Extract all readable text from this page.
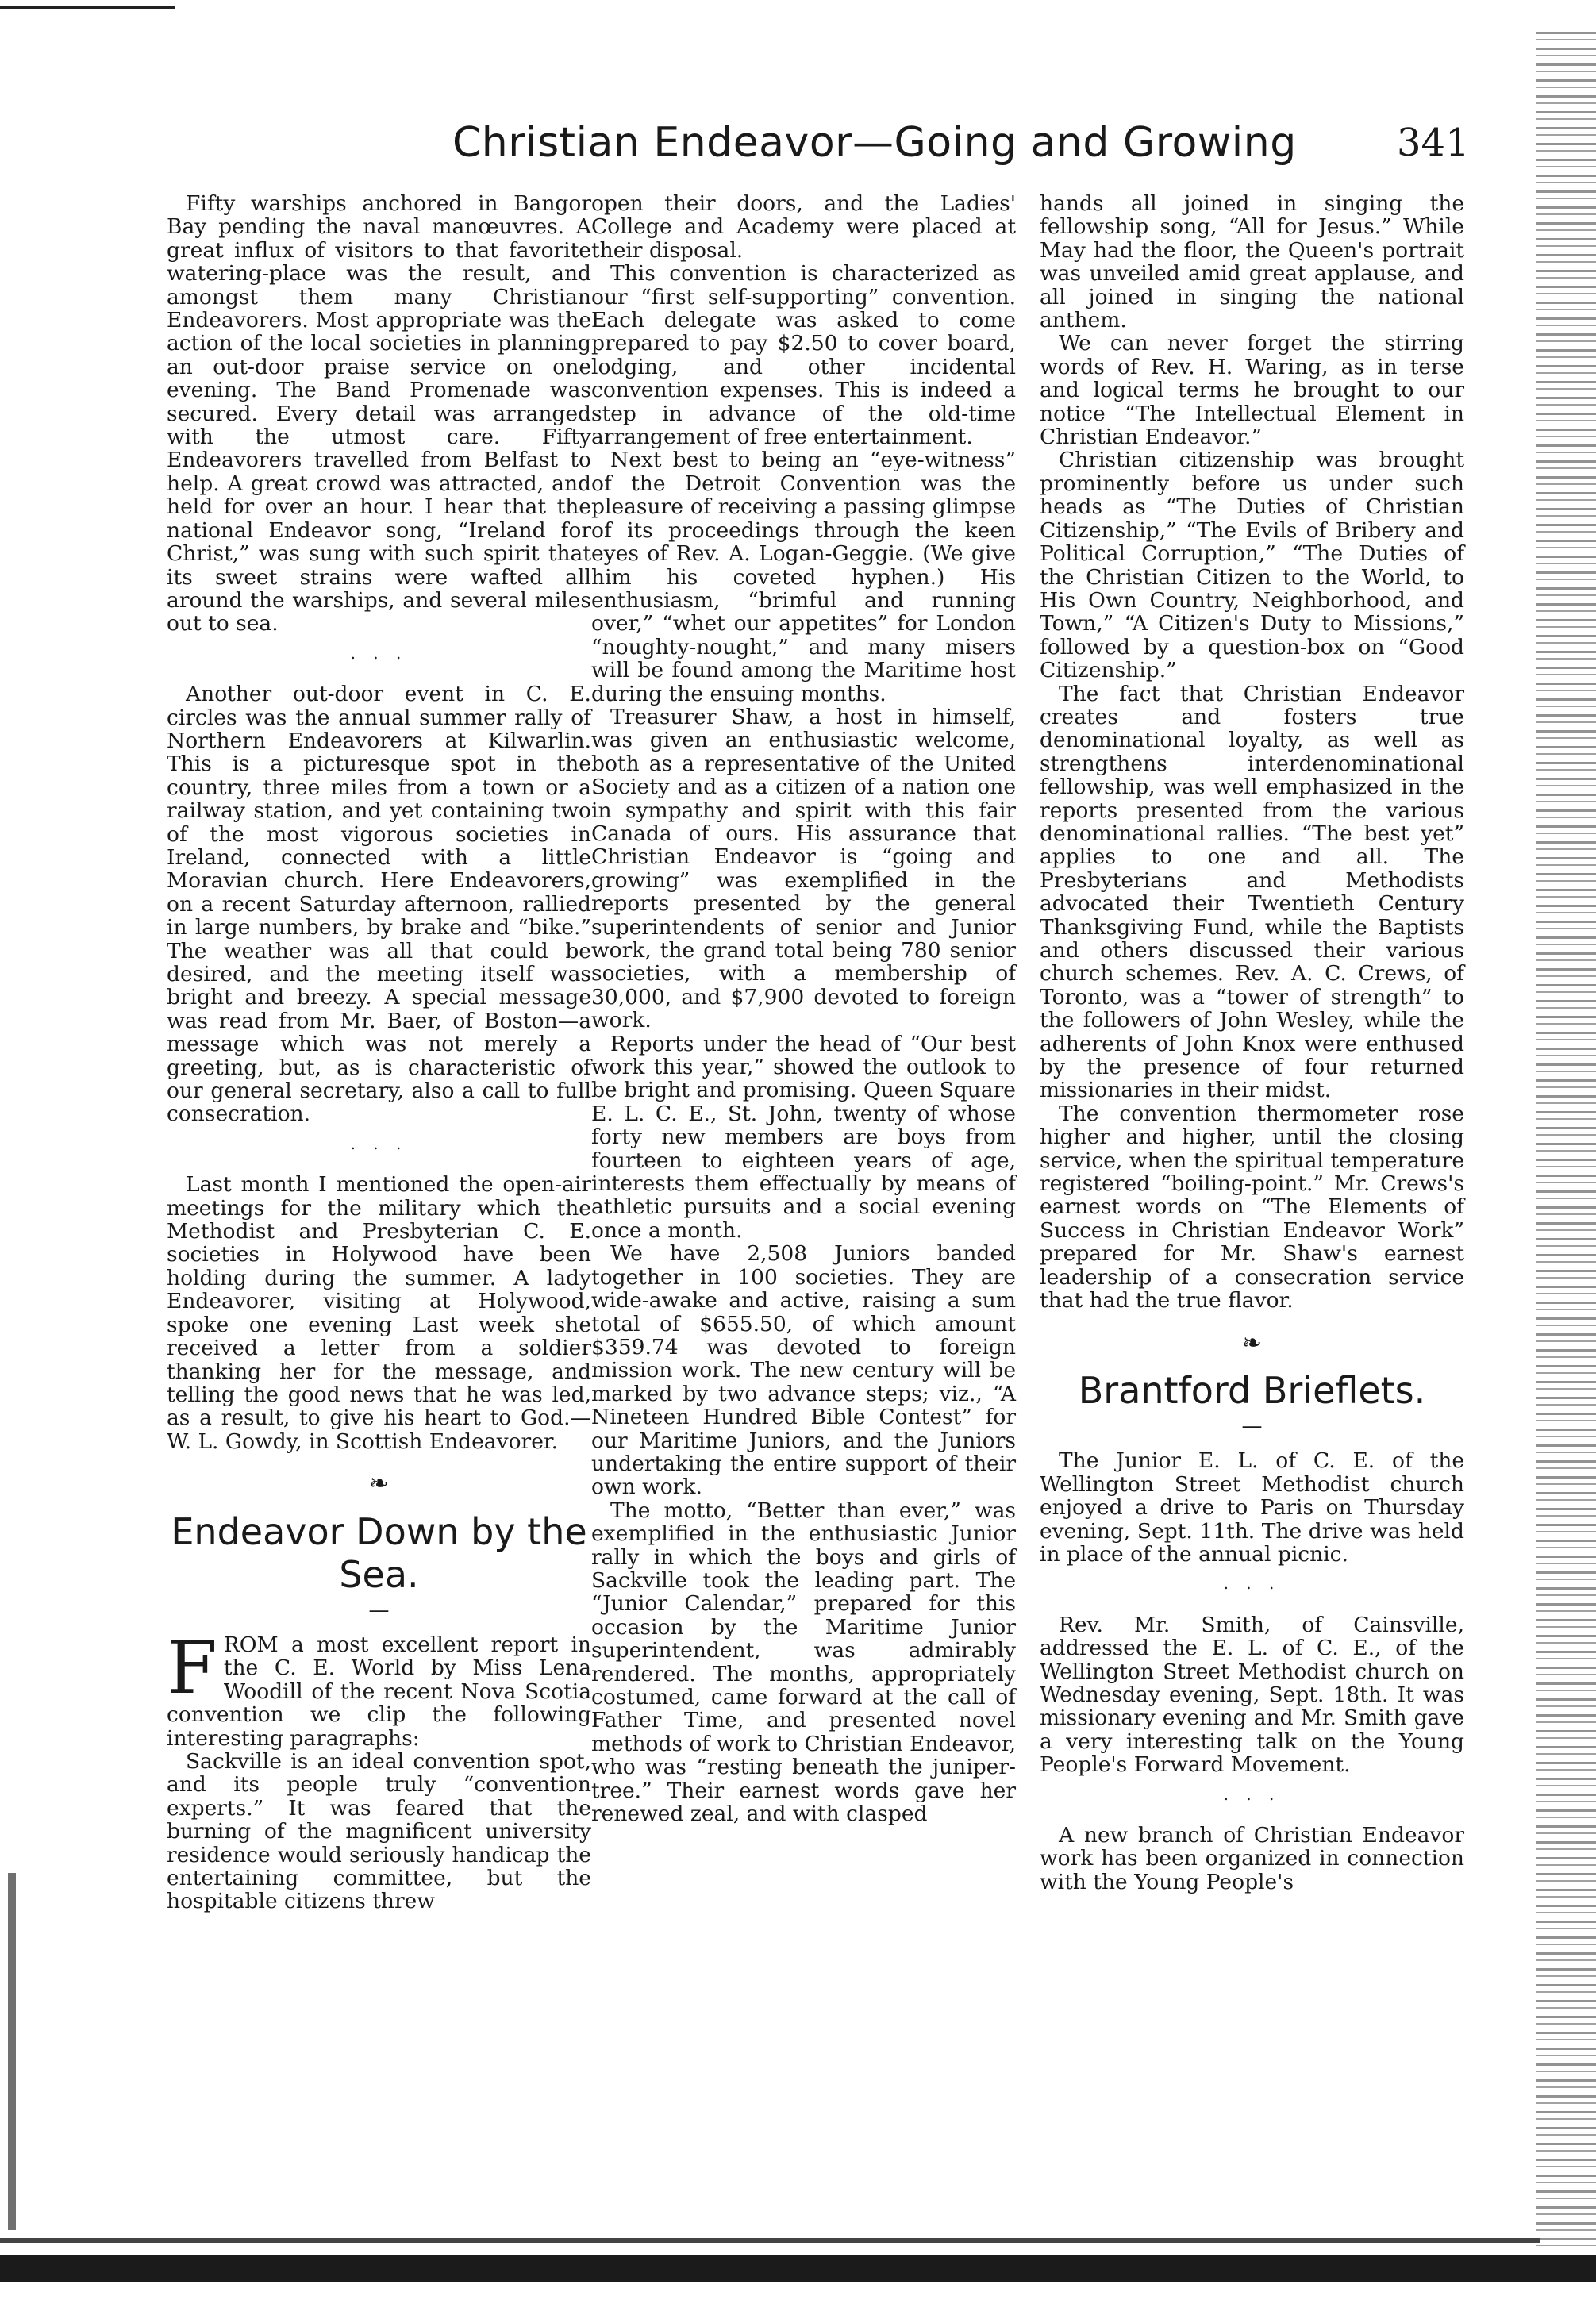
Christian Endeavor—Going and Growing	341

Fifty warships anchored in Bangor Bay pending the naval manœuvres. A great influx of visitors to that favorite watering-place was the result, and amongst them many Christian Endeavorers. Most appropriate was the action of the local societies in planning an out-door praise service on one evening. The Band Promenade was secured. Every detail was arranged with the utmost care. Fifty Endeavorers travelled from Belfast to help. A great crowd was attracted, and held for over an hour. I hear that the national Endeavor song, “Ireland for Christ,” was sung with such spirit that its sweet strains were wafted all around the warships, and several miles out to sea.

. . .

Another out-door event in C. E. circles was the annual summer rally of Northern Endeavorers at Kilwarlin. This is a picturesque spot in the country, three miles from a town or a railway station, and yet containing two of the most vigorous societies in Ireland, connected with a little Moravian church. Here Endeavorers, on a recent Saturday afternoon, rallied in large numbers, by brake and “bike.” The weather was all that could be desired, and the meeting itself was bright and breezy. A special message was read from Mr. Baer, of Boston—a message which was not merely a greeting, but, as is characteristic of our general secretary, also a call to full consecration.

. . .

Last month I mentioned the open-air meetings for the military which the Methodist and Presbyterian C. E. societies in Holywood have been holding during the summer. A lady Endeavorer, visiting at Holywood, spoke one evening Last week she received a letter from a soldier thanking her for the message, and telling the good news that he was led, as a result, to give his heart to God.—W. L. Gowdy, in Scottish Endeavorer.

❧
Endeavor Down by the Sea.
—

FROM a most excellent report in the C. E. World by Miss Lena Woodill of the recent Nova Scotia convention we clip the following interesting paragraphs:

Sackville is an ideal convention spot, and its people truly “convention experts.” It was feared that the burning of the magnificent university residence would seriously handicap the entertaining committee, but the hospitable citizens threw

open their doors, and the Ladies' College and Academy were placed at their disposal.

This convention is characterized as our “first self-supporting” convention. Each delegate was asked to come prepared to pay $2.50 to cover board, lodging, and other incidental convention expenses. This is indeed a step in advance of the old-time arrangement of free entertainment.

Next best to being an “eye-witness” of the Detroit Convention was the pleasure of receiving a passing glimpse of its proceedings through the keen eyes of Rev. A. Logan-Geggie. (We give him his coveted hyphen.) His enthusiasm, “brimful and running over,” “whet our appetites” for London “noughty-nought,” and many misers will be found among the Maritime host during the ensuing months.

Treasurer Shaw, a host in himself, was given an enthusiastic welcome, both as a representative of the United Society and as a citizen of a nation one in sympathy and spirit with this fair Canada of ours. His assurance that Christian Endeavor is “going and growing” was exemplified in the reports presented by the general superintendents of senior and Junior work, the grand total being 780 senior societies, with a membership of 30,000, and $7,900 devoted to foreign work.

Reports under the head of “Our best work this year,” showed the outlook to be bright and promising. Queen Square E. L. C. E., St. John, twenty of whose forty new members are boys from fourteen to eighteen years of age, interests them effectually by means of athletic pursuits and a social evening once a month.

We have 2,508 Juniors banded together in 100 societies. They are wide-awake and active, raising a sum total of $655.50, of which amount $359.74 was devoted to foreign mission work. The new century will be marked by two advance steps; viz., “A Nineteen Hundred Bible Contest” for our Maritime Juniors, and the Juniors undertaking the entire support of their own work.

The motto, “Better than ever,” was exemplified in the enthusiastic Junior rally in which the boys and girls of Sackville took the leading part. The “Junior Calendar,” prepared for this occasion by the Maritime Junior superintendent, was admirably rendered. The months, appropriately costumed, came forward at the call of Father Time, and presented novel methods of work to Christian Endeavor, who was “resting beneath the juniper-tree.” Their earnest words gave her renewed zeal, and with clasped

hands all joined in singing the fellowship song, “All for Jesus.” While May had the floor, the Queen's portrait was unveiled amid great applause, and all joined in singing the national anthem.

We can never forget the stirring words of Rev. H. Waring, as in terse and logical terms he brought to our notice “The Intellectual Element in Christian Endeavor.”

Christian citizenship was brought prominently before us under such heads as “The Duties of Christian Citizenship,” “The Evils of Bribery and Political Corruption,” “The Duties of the Christian Citizen to the World, to His Own Country, Neighborhood, and Town,” “A Citizen's Duty to Missions,” followed by a question-box on “Good Citizenship.”

The fact that Christian Endeavor creates and fosters true denominational loyalty, as well as strengthens interdenominational fellowship, was well emphasized in the reports presented from the various denominational rallies. “The best yet” applies to one and all. The Presbyterians and Methodists advocated their Twentieth Century Thanksgiving Fund, while the Baptists and others discussed their various church schemes. Rev. A. C. Crews, of Toronto, was a “tower of strength” to the followers of John Wesley, while the adherents of John Knox were enthused by the presence of four returned missionaries in their midst.

The convention thermometer rose higher and higher, until the closing service, when the spiritual temperature registered “boiling-point.” Mr. Crews's earnest words on “The Elements of Success in Christian Endeavor Work” prepared for Mr. Shaw's earnest leadership of a consecration service that had the true flavor.

❧
Brantford Brieflets.
—

The Junior E. L. of C. E. of the Wellington Street Methodist church enjoyed a drive to Paris on Thursday evening, Sept. 11th. The drive was held in place of the annual picnic.

. . .

Rev. Mr. Smith, of Cainsville, addressed the E. L. of C. E., of the Wellington Street Methodist church on Wednesday evening, Sept. 18th. It was missionary evening and Mr. Smith gave a very interesting talk on the Young People's Forward Movement.

. . .

A new branch of Christian Endeavor work has been organized in connection with the Young People's
